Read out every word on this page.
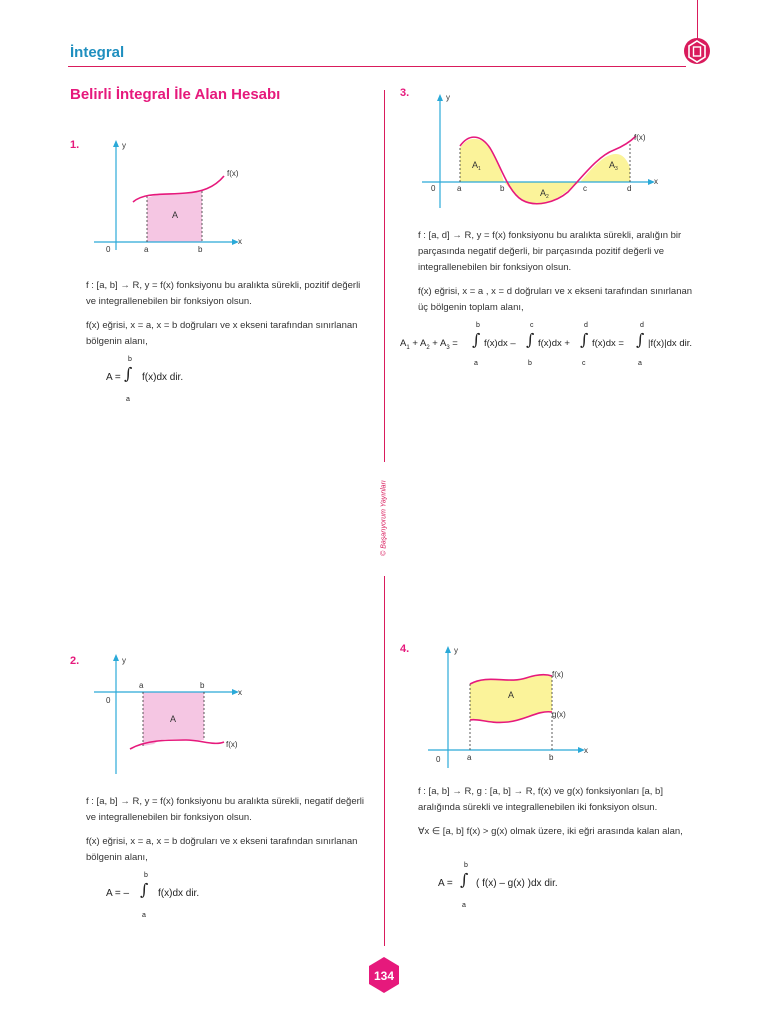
İntegral
Belirli İntegral İle Alan Hesabı
© Başarıyorum Yayınları
1.	y
x
0	a	b
f(x)
A
f : [a, b] → R, y = f(x) fonksiyonu bu aralıkta sürekli, pozitif değerli ve integrallenebilen bir fonksiyon olsun.
f(x) eğrisi, x = a, x = b doğruları ve x ekseni tarafından sınırlanan bölgenin alanı,
A =
b
∫
a
f(x)dx dir.
2.	y
x
0
a	b
f(x)
A
f : [a, b] → R, y = f(x) fonksiyonu bu aralıkta sürekli, negatif değerli ve integrallenebilen bir fonksiyon olsun.
f(x) eğrisi, x = a, x = b doğruları ve x ekseni tarafından sınırlanan bölgenin alanı,
A = –
b
∫
a
f(x)dx dir.
3.	y
x
0	a	b	c	d
f(x)
$A_1$
$A_2$
$A_3$
f : [a, d] → R, y = f(x) fonksiyonu bu aralıkta sürekli, aralığın bir parçasında negatif değerli, bir parçasında pozitif değerli ve integrallenebilen bir fonksiyon olsun.
f(x) eğrisi, x = a , x = d doğruları ve x ekseni tarafından sınırlanan üç bölgenin toplam alanı,
$A_1 + A_2 + A_3$ =
b
∫
a
f(x)dx –
c
∫
b
f(x)dx +
d
∫
c
f(x)dx =
d
∫
a
|f(x)|dx dir.
4.	y
x
0	a	b
f(x)
g(x)
A
f : [a, b] → R, g : [a, b] → R, f(x) ve g(x) fonksiyonları [a, b] aralığında sürekli ve integrallenebilen iki fonksiyon olsun.
∀x ∈ [a, b] f(x) > g(x) olmak üzere, iki eğri arasında kalan alan,
A =
b
∫
a
( f(x) – g(x) )dx dir.
134
